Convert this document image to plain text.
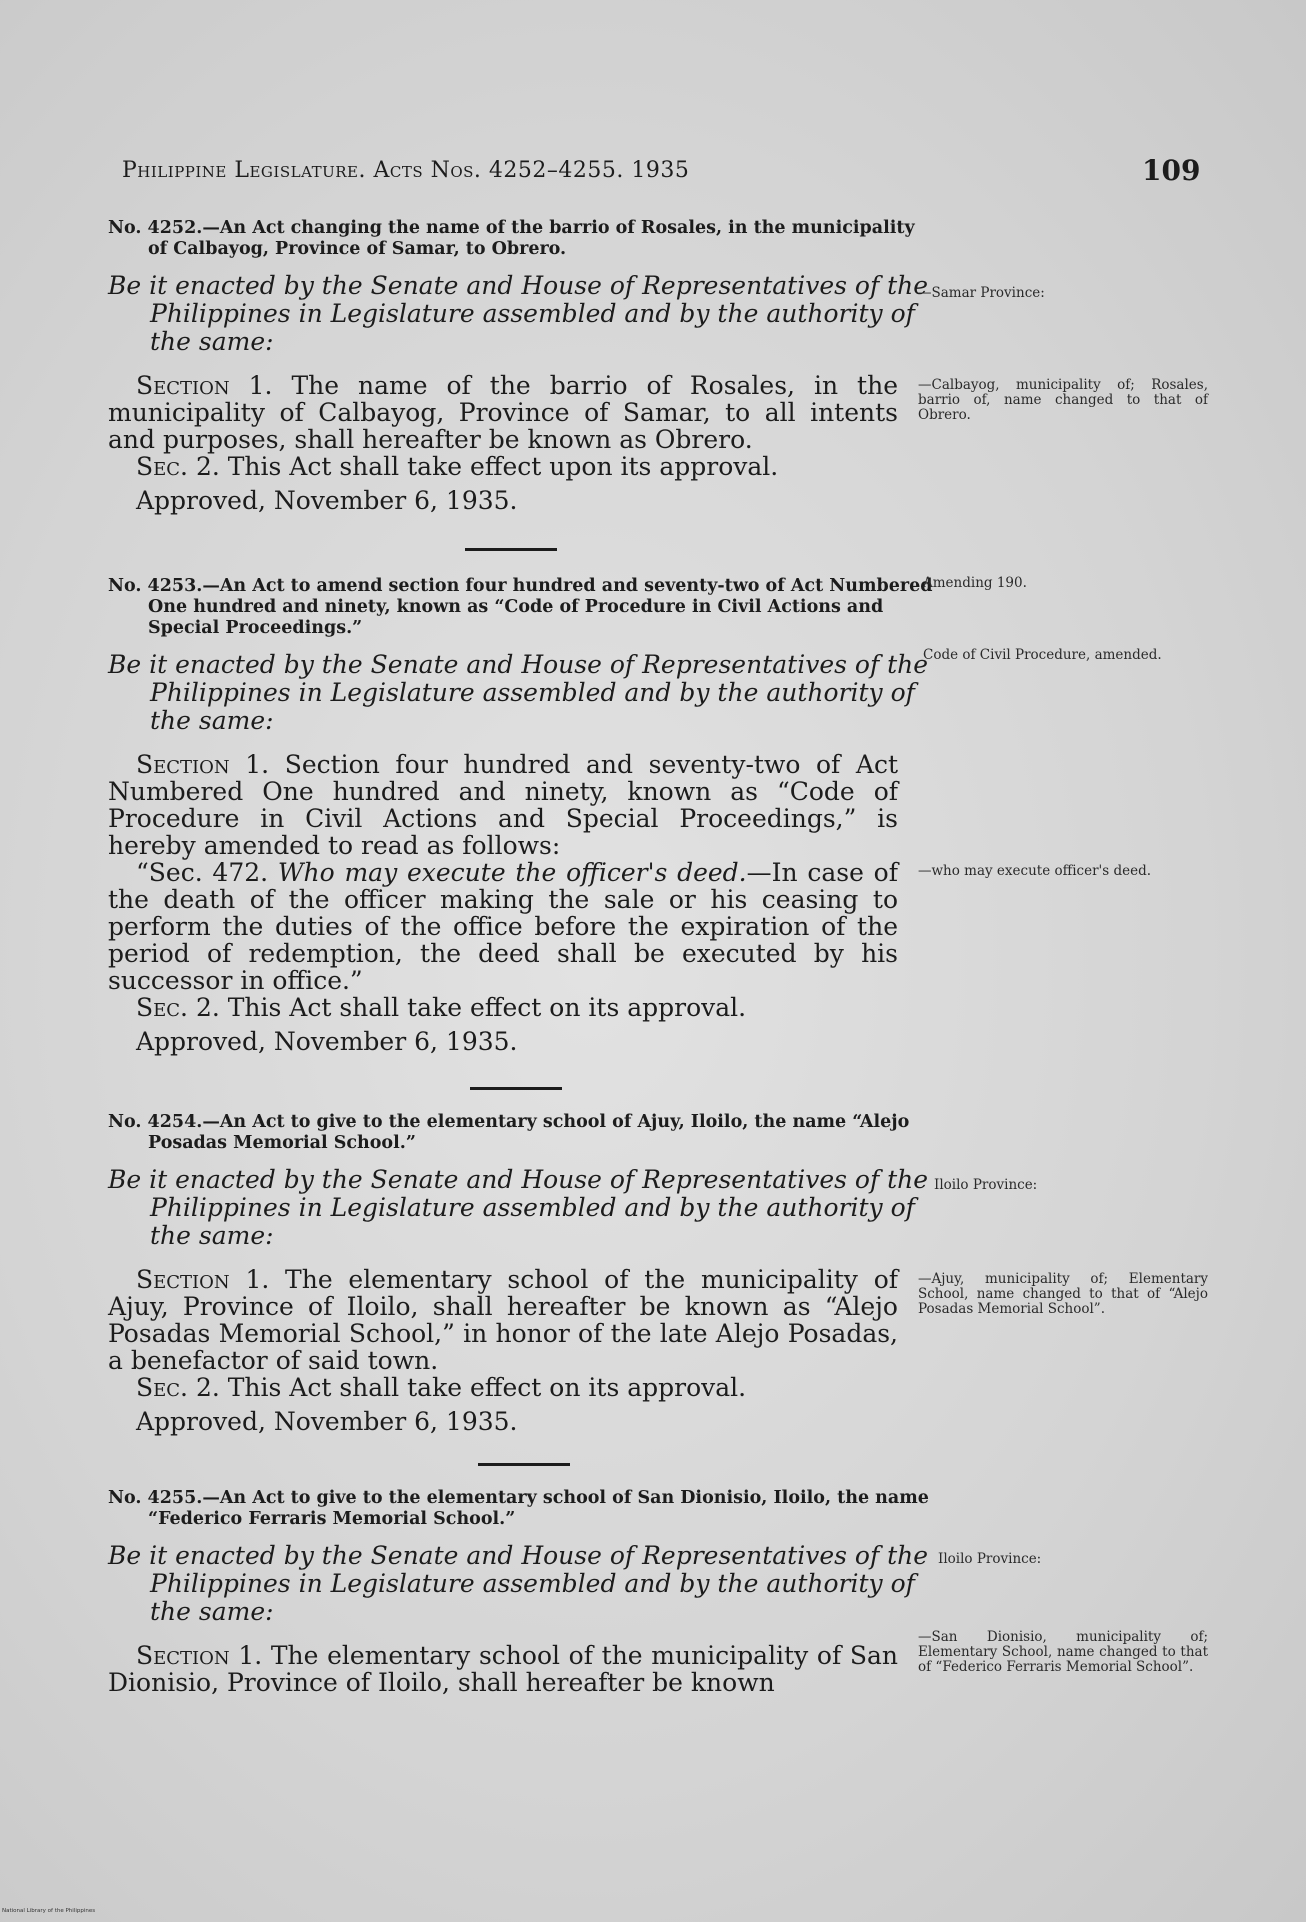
Philippine Legislature. Acts Nos. 4252–4255. 1935	109

No. 4252.—An Act changing the name of the barrio of Rosales, in the municipality of Calbayog, Province of Samar, to Obrero.

Be it enacted by the Senate and House of Representatives of the Philippines in Legislature assembled and by the authority of the same:

Section 1. The name of the barrio of Rosales, in the municipality of Calbayog, Province of Samar, to all intents and purposes, shall hereafter be known as Obrero.

Sec. 2. This Act shall take effect upon its approval.

Approved, November 6, 1935.

—Samar Province:
—Calbayog, municipality of; Rosales, barrio of, name changed to that of Obrero.

No. 4253.—An Act to amend section four hundred and seventy-two of Act Numbered One hundred and ninety, known as “Code of Procedure in Civil Actions and Special Proceedings.”

Be it enacted by the Senate and House of Representatives of the Philippines in Legislature assembled and by the authority of the same:

Section 1. Section four hundred and seventy-two of Act Numbered One hundred and ninety, known as “Code of Procedure in Civil Actions and Special Proceedings,” is hereby amended to read as follows:

“Sec. 472. Who may execute the officer's deed.—In case of the death of the officer making the sale or his ceasing to perform the duties of the office before the expiration of the period of redemption, the deed shall be executed by his successor in office.”

Sec. 2. This Act shall take effect on its approval.

Approved, November 6, 1935.

Amending 190.
Code of Civil Procedure, amended.
—who may execute officer's deed.

No. 4254.—An Act to give to the elementary school of Ajuy, Iloilo, the name “Alejo Posadas Memorial School.”

Be it enacted by the Senate and House of Representatives of the Philippines in Legislature assembled and by the authority of the same:

Section 1. The elementary school of the municipality of Ajuy, Province of Iloilo, shall hereafter be known as “Alejo Posadas Memorial School,” in honor of the late Alejo Posadas, a benefactor of said town.

Sec. 2. This Act shall take effect on its approval.

Approved, November 6, 1935.

Iloilo Province:
—Ajuy, municipality of; Elementary School, name changed to that of “Alejo Posadas Memorial School”.

No. 4255.—An Act to give to the elementary school of San Dionisio, Iloilo, the name “Federico Ferraris Memorial School.”

Be it enacted by the Senate and House of Representatives of the Philippines in Legislature assembled and by the authority of the same:

Section 1. The elementary school of the municipality of San Dionisio, Province of Iloilo, shall hereafter be known

Iloilo Province:
—San Dionisio, municipality of; Elementary School, name changed to that of “Federico Ferraris Memorial School”.
National Library of the Philippines
